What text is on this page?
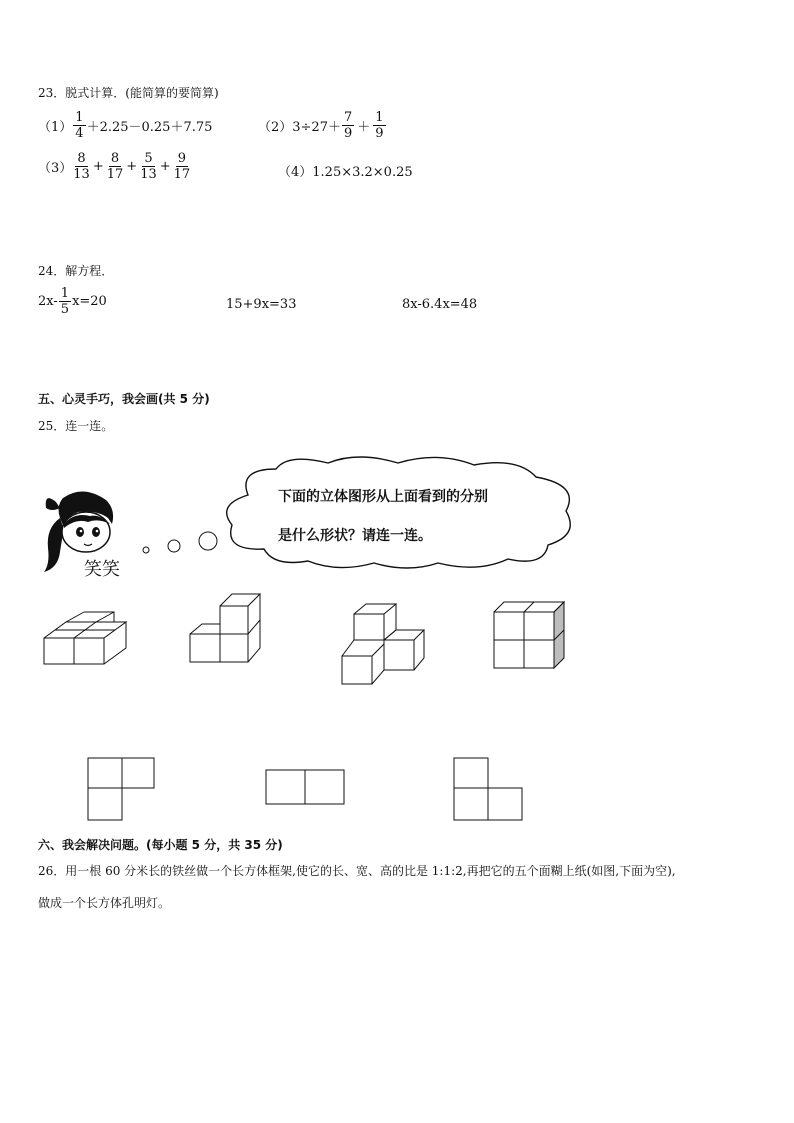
23．脱式计算．(能简算的要简算)
$(1) \frac{1}{4} +2.25-0.25+7.75$	$(2)3\div 27+ \frac{7}{9} + \frac{1}{9}$
$(3) \frac{8}{13} + \frac{8}{17} + \frac{5}{13} + \frac{9}{17}$	（4）1.25×3.2×0.25
24．解方程．
$2x- \frac{1}{5} x=20$	15+9x=33	8x-6.4x=48
五、心灵手巧，我会画(共 5 分)
25．连一连。
笑笑
下面的立体图形从上面看到的分别
是什么形状？请连一连。
六、我会解决问题。(每小题 5 分，共 35 分)
26．用一根 60 分米长的铁丝做一个长方体框架,使它的长、宽、高的比是 1:1:2,再把它的五个面糊上纸(如图,下面为空),
做成一个长方体孔明灯。
